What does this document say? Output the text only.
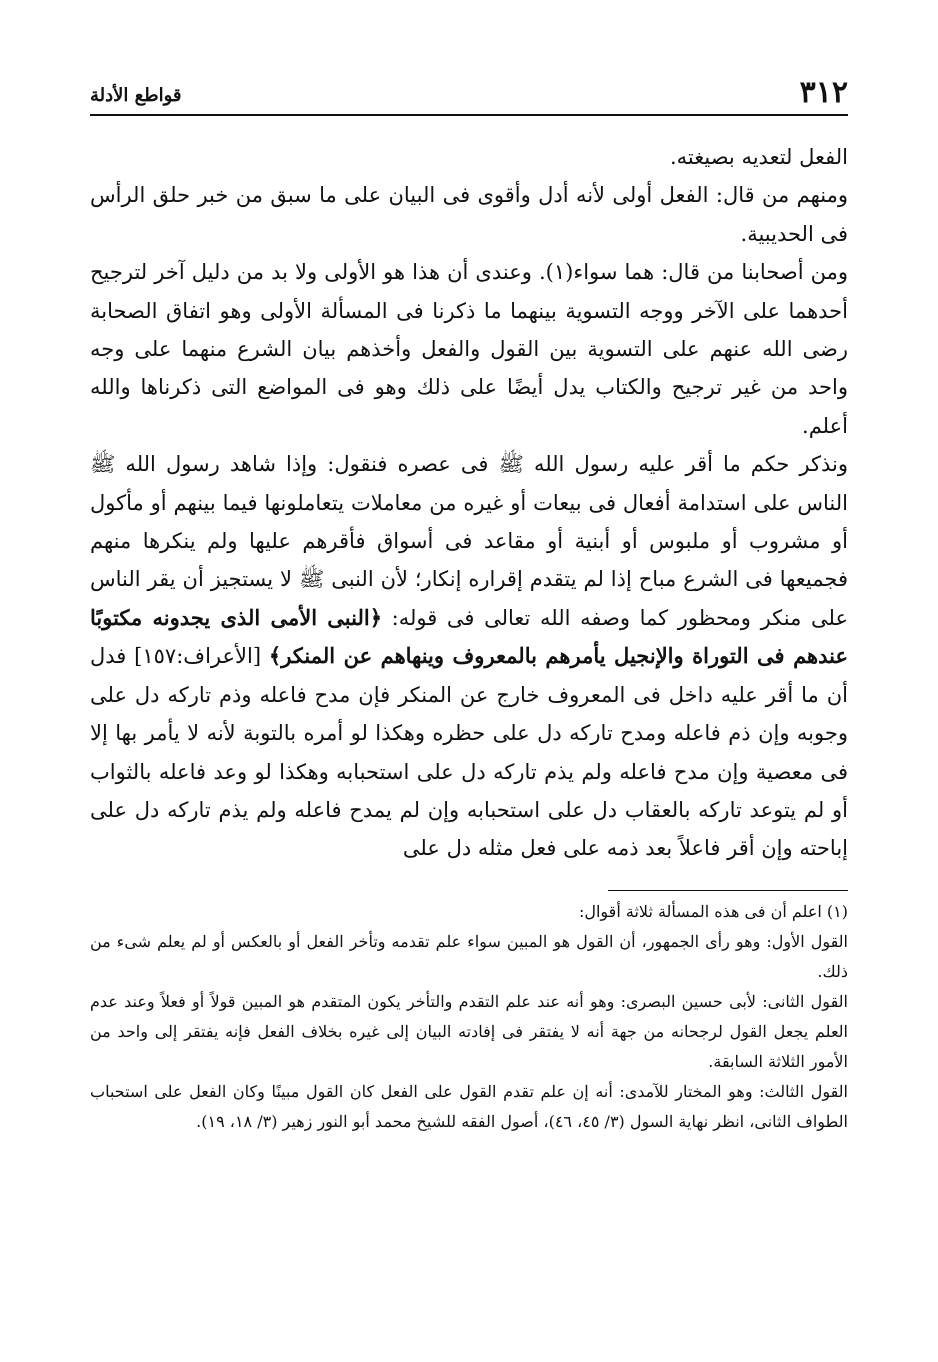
٣١٢
قواطع الأدلة

الفعل لتعديه بصيغته.

ومنهم من قال: الفعل أولى لأنه أدل وأقوى فى البيان على ما سبق من خبر حلق الرأس فى الحديبية.

ومن أصحابنا من قال: هما سواء(١). وعندى أن هذا هو الأولى ولا بد من دليل آخر لترجيح أحدهما على الآخر ووجه التسوية بينهما ما ذكرنا فى المسألة الأولى وهو اتفاق الصحابة رضى الله عنهم على التسوية بين القول والفعل وأخذهم بيان الشرع منهما على وجه واحد من غير ترجيح والكتاب يدل أيضًا على ذلك وهو فى المواضع التى ذكرناها والله أعلم.

ونذكر حكم ما أقر عليه رسول الله ﷺ فى عصره فنقول: وإذا شاهد رسول الله ﷺ الناس على استدامة أفعال فى بيعات أو غيره من معاملات يتعاملونها فيما بينهم أو مأكول أو مشروب أو ملبوس أو أبنية أو مقاعد فى أسواق فأقرهم عليها ولم ينكرها منهم فجميعها فى الشرع مباح إذا لم يتقدم إقراره إنكار؛ لأن النبى ﷺ لا يستجيز أن يقر الناس على منكر ومحظور كما وصفه الله تعالى فى قوله: ﴿النبى الأمى الذى يجدونه مكتوبًا عندهم فى التوراة والإنجيل يأمرهم بالمعروف وينهاهم عن المنكر﴾ [الأعراف:١٥٧] فدل أن ما أقر عليه داخل فى المعروف خارج عن المنكر فإن مدح فاعله وذم تاركه دل على وجوبه وإن ذم فاعله ومدح تاركه دل على حظره وهكذا لو أمره بالتوبة لأنه لا يأمر بها إلا فى معصية وإن مدح فاعله ولم يذم تاركه دل على استحبابه وهكذا لو وعد فاعله بالثواب أو لم يتوعد تاركه بالعقاب دل على استحبابه وإن لم يمدح فاعله ولم يذم تاركه دل على إباحته وإن أقر فاعلاً بعد ذمه على فعل مثله دل على

(١) اعلم أن فى هذه المسألة ثلاثة أقوال:

القول الأول: وهو رأى الجمهور، أن القول هو المبين سواء علم تقدمه وتأخر الفعل أو بالعكس أو لم يعلم شىء من ذلك.

القول الثانى: لأبى حسين البصرى: وهو أنه عند علم التقدم والتأخر يكون المتقدم هو المبين قولاً أو فعلاً وعند عدم العلم يجعل القول لرجحانه من جهة أنه لا يفتقر فى إفادته البيان إلى غيره بخلاف الفعل فإنه يفتقر إلى واحد من الأمور الثلاثة السابقة.

القول الثالث: وهو المختار للآمدى: أنه إن علم تقدم القول على الفعل كان القول مبينًا وكان الفعل على استحباب الطواف الثانى، انظر نهاية السول (٣/ ٤٥، ٤٦)، أصول الفقه للشيخ محمد أبو النور زهير (٣/ ١٨، ١٩).
